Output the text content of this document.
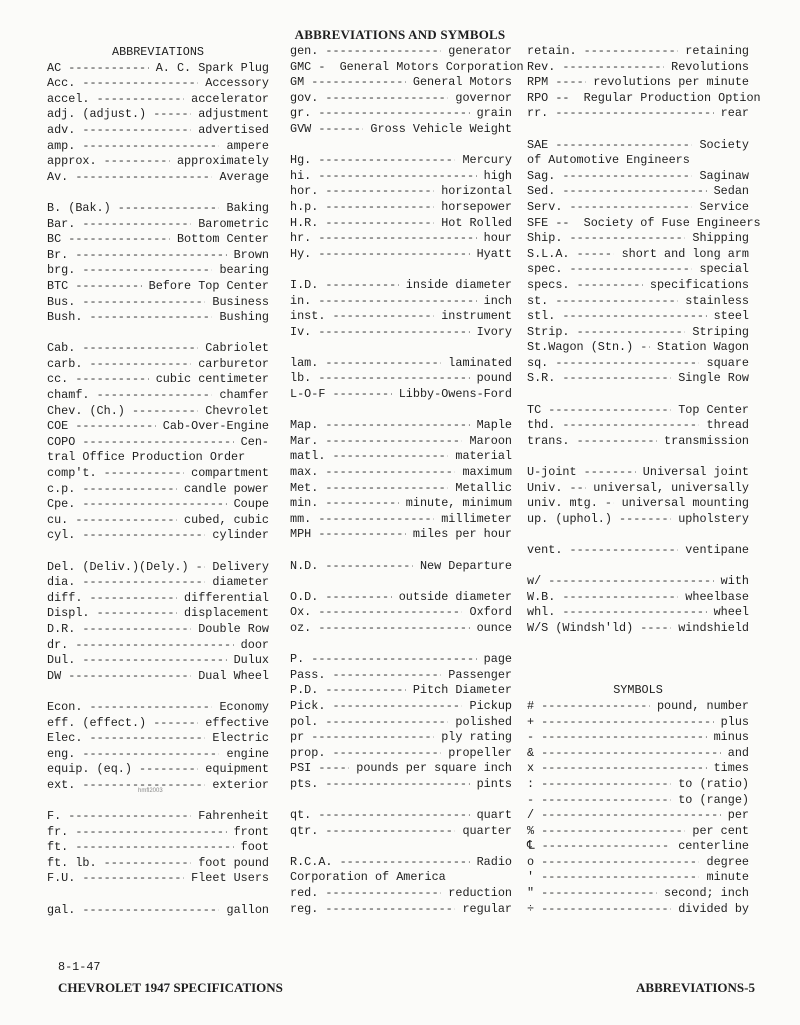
ABBREVIATIONS AND SYMBOLS
ABBREVIATIONS
AC -----	A. C. Spark Plug
Acc. -----	Accessory
accel. -----	accelerator
adj. (adjust.) -----	adjustment
adv. -----	advertised
amp. -----	ampere
approx. -----	approximately
Av. -----	Average
B. (Bak.) -----	Baking
Bar. -----	Barometric
BC -----	Bottom Center
Br. -----	Brown
brg. -----	bearing
BTC -----	Before Top Center
Bus. -----	Business
Bush. -----	Bushing
Cab. -----	Cabriolet
carb. -----	carburetor
cc. -----	cubic centimeter
chamf. -----	chamfer
Chev. (Ch.) -----	Chevrolet
COE -----	Cab-Over-Engine
COPO -----	Cen-
tral Office Production Order
comp't. -----	compartment
c.p. -----	candle power
Cpe. -----	Coupe
cu. -----	cubed, cubic
cyl. -----	cylinder
Del. (Deliv.)(Dely.) ----- Delivery
dia. -----	diameter
diff. -----	differential
Displ. -----	displacement
D.R. -----	Double Row
dr. -----	door
Dul. -----	Dulux
DW -----	Dual Wheel
Econ. -----	Economy
eff. (effect.) -----	effective
Elec. -----	Electric
eng. -----	engine
equip. (eq.) -----	equipment
ext. -----	exterior
F. -----	Fahrenheit
fr. -----	front
ft. -----	foot
ft. lb. -----	foot pound
F.U. -----	Fleet Users
gal. -----	gallon
gen. -----	generator
GMC - General Motors Corporation
GM -----	General Motors
gov. -----	governor
gr. -----	grain
GVW -----	Gross Vehicle Weight
Hg. -----	Mercury
hi. -----	high
hor. -----	horizontal
h.p. -----	horsepower
H.R. -----	Hot Rolled
hr. -----	hour
Hy. -----	Hyatt
I.D. -----	inside diameter
in. -----	inch
inst. -----	instrument
Iv. -----	Ivory
lam. -----	laminated
lb. -----	pound
L-O-F -----	Libby-Owens-Ford
Map. -----	Maple
Mar. -----	Maroon
matl. -----	material
max. -----	maximum
Met. -----	Metallic
min. -----	minute, minimum
mm. -----	millimeter
MPH -----	miles per hour
N.D. -----	New Departure
O.D. -----	outside diameter
Ox. -----	Oxford
oz. -----	ounce
P. -----	page
Pass. -----	Passenger
P.D. -----	Pitch Diameter
Pick. -----	Pickup
pol. -----	polished
pr -----	ply rating
prop. -----	propeller
PSI -----	pounds per square inch
pts. -----	pints
qt. -----	quart
qtr. -----	quarter
R.C.A. -----	Radio
Corporation of America
red. -----	reduction
reg. -----	regular
retain. -----	retaining
Rev. -----	Revolutions
RPM -----	revolutions per minute
RPO -- Regular Production Option
rr. -----	rear
SAE -----	Society
of Automotive Engineers
Sag. -----	Saginaw
Sed. -----	Sedan
Serv. -----	Service
SFE -- Society of Fuse Engineers
Ship. -----	Shipping
S.L.A. -----	short and long arm
spec. -----	special
specs. -----	specifications
st. -----	stainless
stl. -----	steel
Strip. -----	Striping
St.Wagon (Stn.) ----- Station Wagon
sq. -----	square
S.R. -----	Single Row
TC -----	Top Center
thd. -----	thread
trans. -----	transmission
U-joint -----	Universal joint
Univ. -----	universal, universally
univ. mtg. ----- universal mounting
up. (uphol.) -----	upholstery
vent. -----	ventipane
w/ -----	with
W.B. -----	wheelbase
whl. -----	wheel
W/S (Windsh'ld) -----	windshield
SYMBOLS
# -----	pound, number
+ -----	plus
- -----	minus
& -----	and
x -----	times
: -----	to (ratio)
- -----	to (range)
/ -----	per
% -----	per cent
℄ -----	centerline
o -----	degree
' -----	minute
" -----	second; inch
÷ -----	divided by
hmfl2003
8-1-47
CHEVROLET 1947 SPECIFICATIONS	ABBREVIATIONS-5
